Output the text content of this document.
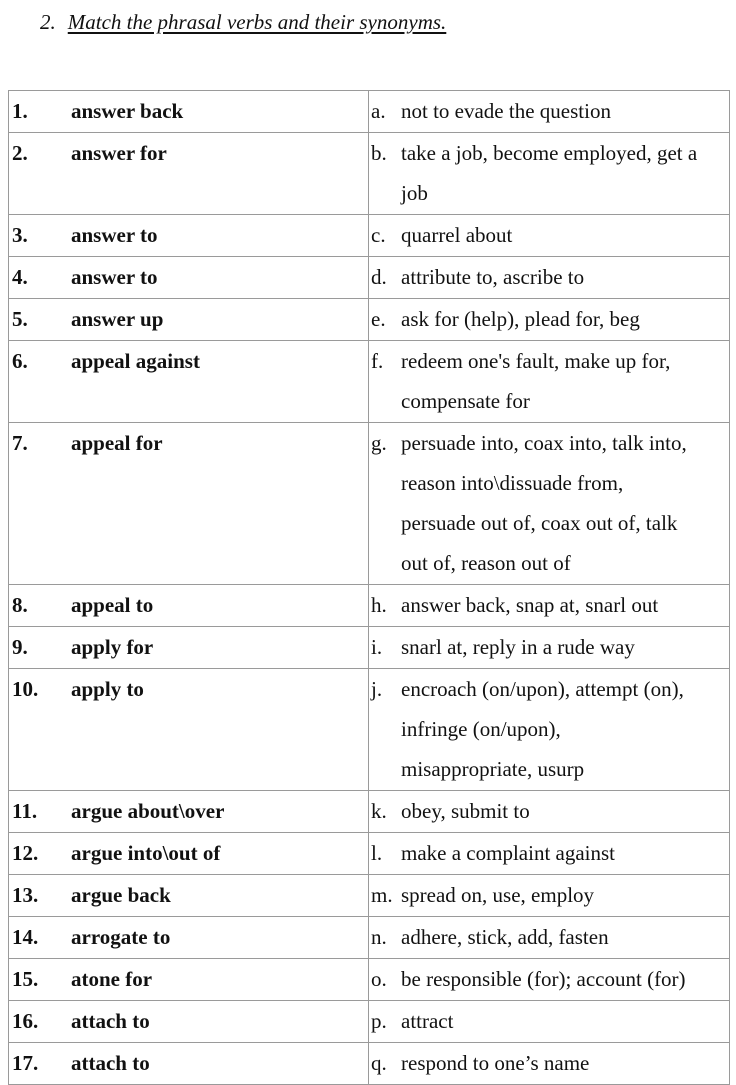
2. Match the phrasal verbs and their synonyms.
1. answer back	a. not to evade the question

2. answer for	b. take a job, become employed, get a
job

3. answer to	c. quarrel about

4. answer to	d. attribute to, ascribe to

5. answer up	e. ask for (help), plead for, beg

6. appeal against	f. redeem one's fault, make up for,
compensate for

7. appeal for	g. persuade into, coax into, talk into,
reason into\dissuade from,
persuade out of, coax out of, talk
out of, reason out of

8. appeal to	h. answer back, snap at, snarl out

9. apply for	i. snarl at, reply in a rude way

10. apply to	j. encroach (on/upon), attempt (on),
infringe (on/upon),
misappropriate, usurp

11. argue about\over	k. obey, submit to

12. argue into\out of	l. make a complaint against

13. argue back	m. spread on, use, employ

14. arrogate to	n. adhere, stick, add, fasten

15. atone for	o. be responsible (for); account (for)

16. attach to	p. attract

17. attach to	q. respond to one’s name
